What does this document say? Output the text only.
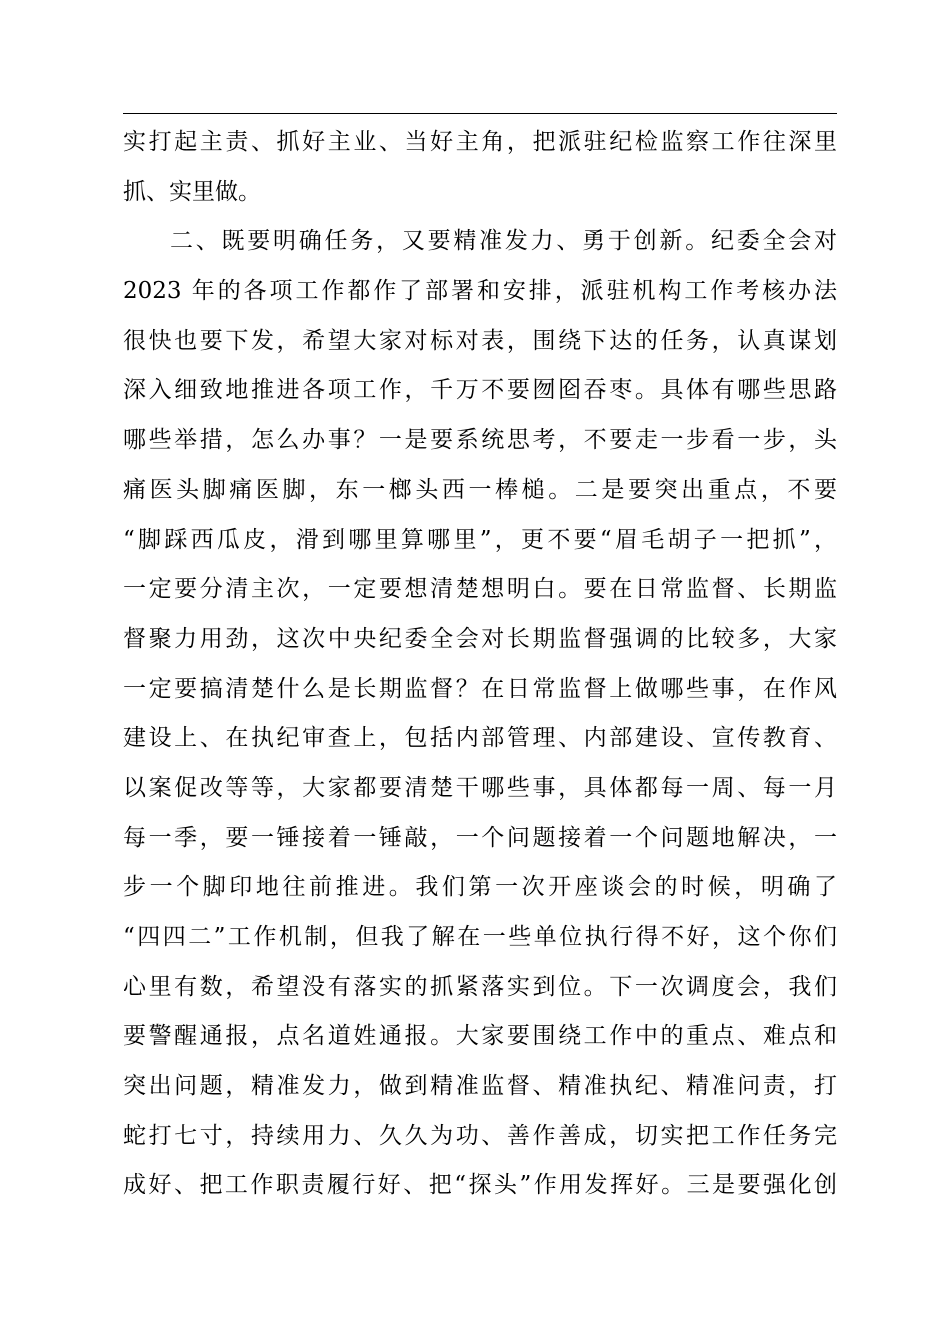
实打起主责、抓好主业、当好主角，把派驻纪检监察工作往深里
抓、实里做。
二、既要明确任务，又要精准发力、勇于创新。纪委全会对
2023 年的各项工作都作了部署和安排，派驻机构工作考核办法
很快也要下发，希望大家对标对表，围绕下达的任务，认真谋划
深入细致地推进各项工作，千万不要囫囵吞枣。具体有哪些思路
哪些举措，怎么办事？一是要系统思考，不要走一步看一步，头
痛医头脚痛医脚，东一榔头西一棒槌。二是要突出重点，不要
“脚踩西瓜皮，滑到哪里算哪里”，更不要“眉毛胡子一把抓”，
一定要分清主次，一定要想清楚想明白。要在日常监督、长期监
督聚力用劲，这次中央纪委全会对长期监督强调的比较多，大家
一定要搞清楚什么是长期监督？在日常监督上做哪些事，在作风
建设上、在执纪审查上，包括内部管理、内部建设、宣传教育、
以案促改等等，大家都要清楚干哪些事，具体都每一周、每一月
每一季，要一锤接着一锤敲，一个问题接着一个问题地解决，一
步一个脚印地往前推进。我们第一次开座谈会的时候，明确了
“四四二”工作机制，但我了解在一些单位执行得不好，这个你们
心里有数，希望没有落实的抓紧落实到位。下一次调度会，我们
要警醒通报，点名道姓通报。大家要围绕工作中的重点、难点和
突出问题，精准发力，做到精准监督、精准执纪、精准问责，打
蛇打七寸，持续用力、久久为功、善作善成，切实把工作任务完
成好、把工作职责履行好、把“探头”作用发挥好。三是要强化创
